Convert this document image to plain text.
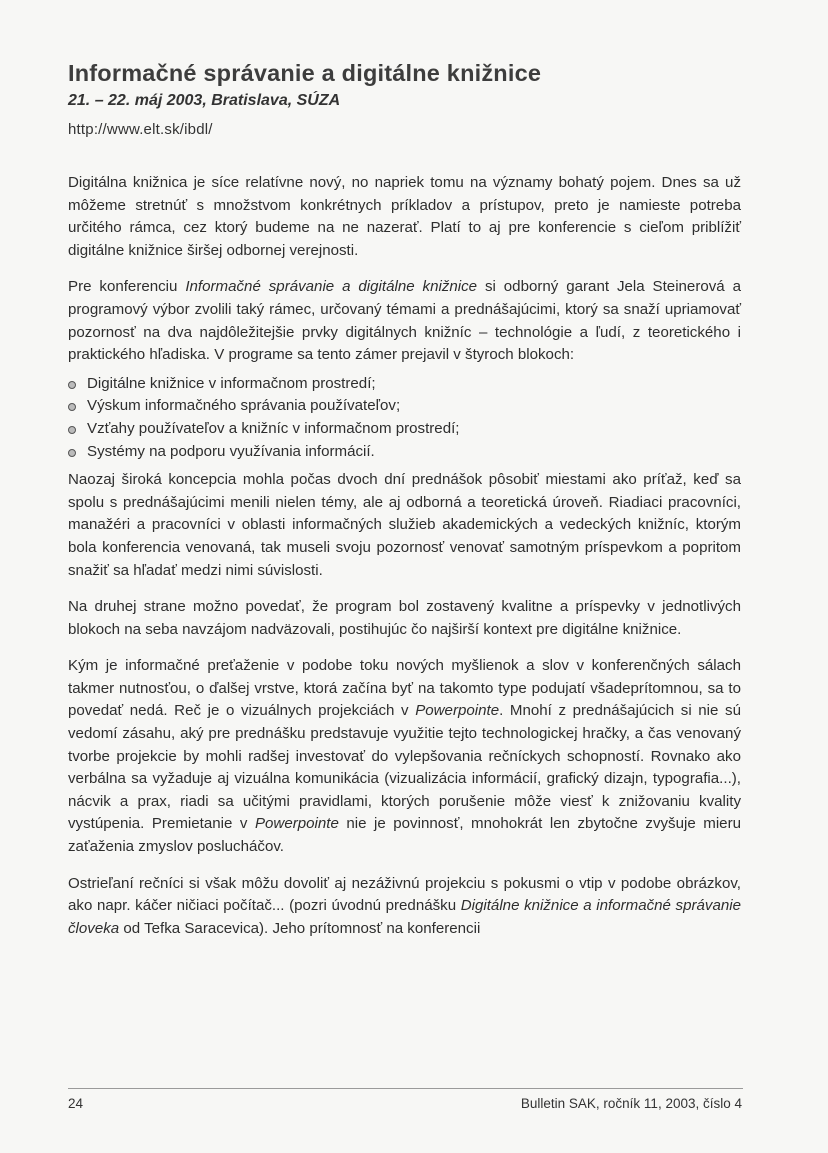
Informačné správanie a digitálne knižnice
21. – 22. máj 2003, Bratislava, SÚZA
http://www.elt.sk/ibdl/

Digitálna knižnica je síce relatívne nový, no napriek tomu na významy bohatý pojem. Dnes sa už môžeme stretnúť s množstvom konkrétnych príkladov a prístupov, preto je namieste potreba určitého rámca, cez ktorý budeme na ne nazerať. Platí to aj pre konferencie s cieľom priblížiť digitálne knižnice širšej odbornej verejnosti.

Pre konferenciu Informačné správanie a digitálne knižnice si odborný garant Jela Steinerová a programový výbor zvolili taký rámec, určovaný témami a prednášajúcimi, ktorý sa snaží upriamovať pozornosť na dva najdôležitejšie prvky digitálnych knižníc – technológie a ľudí, z teoretického i praktického hľadiska. V programe sa tento zámer prejavil v štyroch blokoch:

Digitálne knižnice v informačnom prostredí;
Výskum informačného správania používateľov;
Vzťahy používateľov a knižníc v informačnom prostredí;
Systémy na podporu využívania informácií.

Naozaj široká koncepcia mohla počas dvoch dní prednášok pôsobiť miestami ako príťaž, keď sa spolu s prednášajúcimi menili nielen témy, ale aj odborná a teoretická úroveň. Riadiaci pracovníci, manažéri a pracovníci v oblasti informačných služieb akademických a vedeckých knižníc, ktorým bola konferencia venovaná, tak museli svoju pozornosť venovať samotným príspevkom a popritom snažiť sa hľadať medzi nimi súvislosti.

Na druhej strane možno povedať, že program bol zostavený kvalitne a príspevky v jednotlivých blokoch na seba navzájom nadväzovali, postihujúc čo najširší kontext pre digitálne knižnice.

Kým je informačné preťaženie v podobe toku nových myšlienok a slov v konferenčných sálach takmer nutnosťou, o ďalšej vrstve, ktorá začína byť na takomto type podujatí všadeprítomnou, sa to povedať nedá. Reč je o vizuálnych projekciách v Powerpointe. Mnohí z prednášajúcich si nie sú vedomí zásahu, aký pre prednášku predstavuje využitie tejto technologickej hračky, a čas venovaný tvorbe projekcie by mohli radšej investovať do vylepšovania rečníckych schopností. Rovnako ako verbálna sa vyžaduje aj vizuálna komunikácia (vizualizácia informácií, grafický dizajn, typografia...), nácvik a prax, riadi sa učitými pravidlami, ktorých porušenie môže viesť k znižovaniu kvality vystúpenia. Premietanie v Powerpointe nie je povinnosť, mnohokrát len zbytočne zvyšuje mieru zaťaženia zmyslov poslucháčov.

Ostrieľaní rečníci si však môžu dovoliť aj nezáživnú projekciu s pokusmi o vtip v podobe obrázkov, ako napr. káčer ničiaci počítač... (pozri úvodnú prednášku Digitálne knižnice a informačné správanie človeka od Tefka Saracevica). Jeho prítomnosť na konferencii

24	Bulletin SAK, ročník 11, 2003, číslo 4
